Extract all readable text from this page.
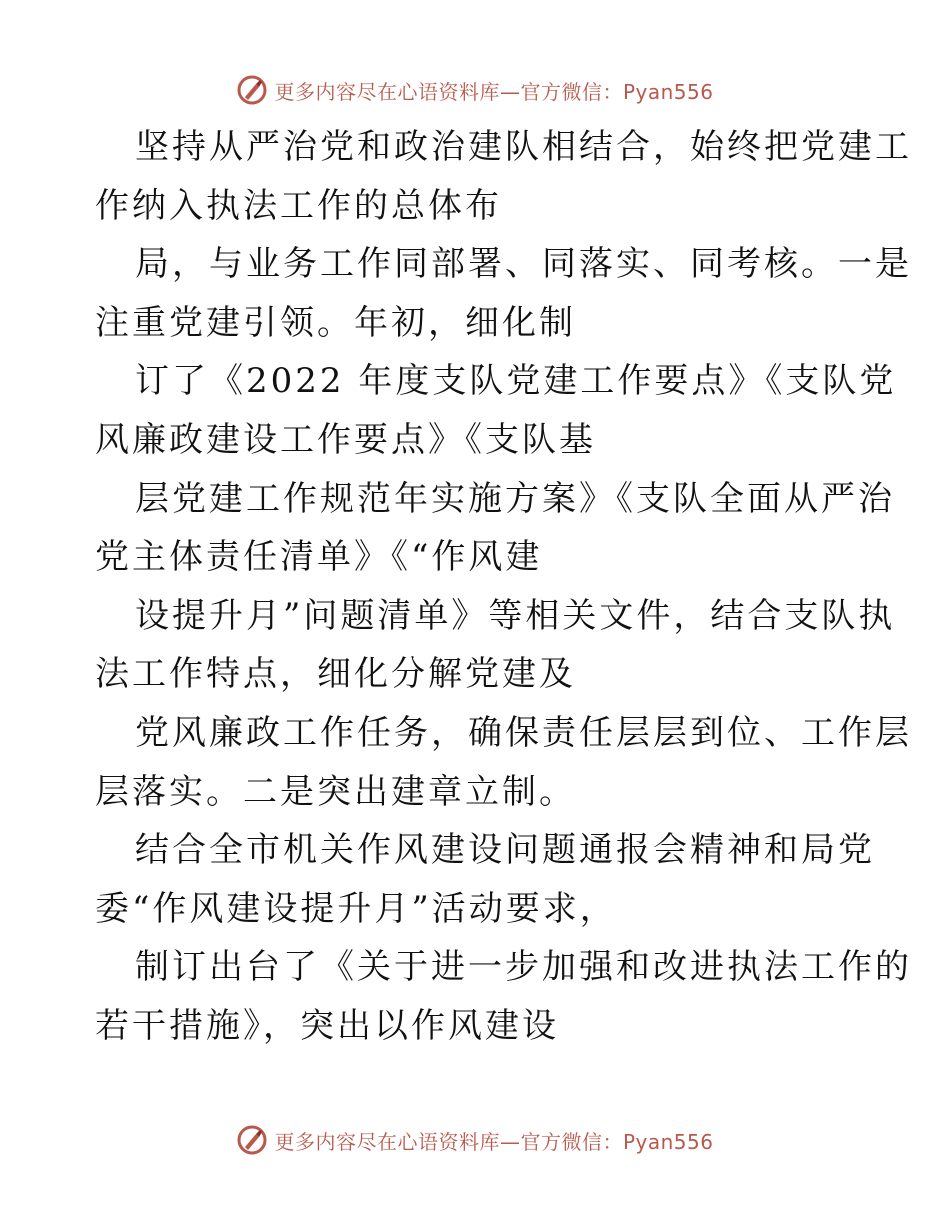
更多内容尽在心语资料库—官方微信：Pyan556
坚持从严治党和政治建队相结合，始终把党建工
作纳入执法工作的总体布
局，与业务工作同部署、同落实、同考核。一是
注重党建引领。年初，细化制
订了《2022 年度支队党建工作要点》《支队党
风廉政建设工作要点》《支队基
层党建工作规范年实施方案》《支队全面从严治
党主体责任清单》《“作风建
设提升月”问题清单》等相关文件，结合支队执
法工作特点，细化分解党建及
党风廉政工作任务，确保责任层层到位、工作层
层落实。二是突出建章立制。
结合全市机关作风建设问题通报会精神和局党
委“作风建设提升月”活动要求，
制订出台了《关于进一步加强和改进执法工作的
若干措施》，突出以作风建设
更多内容尽在心语资料库—官方微信：Pyan556
